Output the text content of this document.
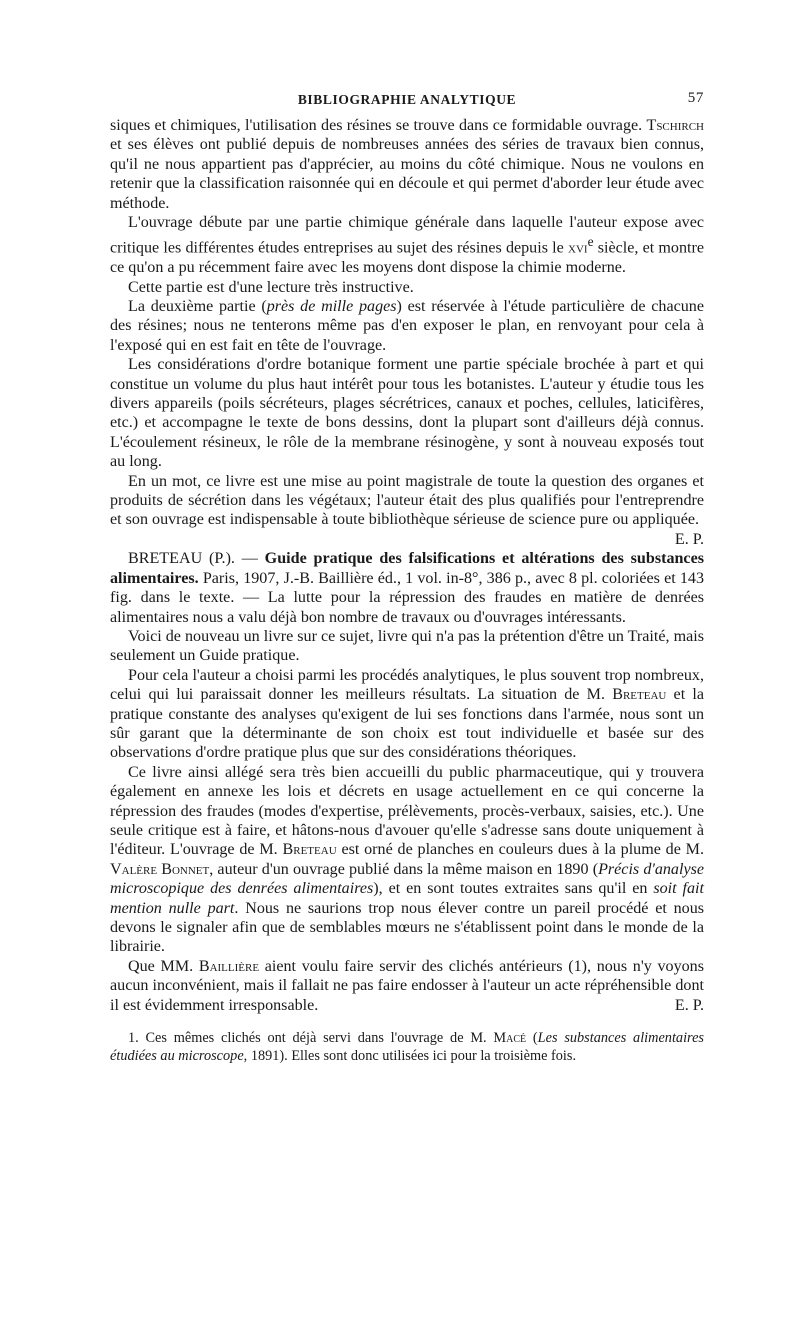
BIBLIOGRAPHIE ANALYTIQUE	57

siques et chimiques, l'utilisation des résines se trouve dans ce formidable ouvrage. Tschirch et ses élèves ont publié depuis de nombreuses années des séries de travaux bien connus, qu'il ne nous appartient pas d'apprécier, au moins du côté chimique. Nous ne voulons en retenir que la classification raisonnée qui en découle et qui permet d'aborder leur étude avec méthode.

L'ouvrage débute par une partie chimique générale dans laquelle l'auteur expose avec critique les différentes études entreprises au sujet des résines depuis le xvi$^e$ siècle, et montre ce qu'on a pu récemment faire avec les moyens dont dispose la chimie moderne.

Cette partie est d'une lecture très instructive.

La deuxième partie (près de mille pages) est réservée à l'étude particulière de chacune des résines; nous ne tenterons même pas d'en exposer le plan, en renvoyant pour cela à l'exposé qui en est fait en tête de l'ouvrage.

Les considérations d'ordre botanique forment une partie spéciale brochée à part et qui constitue un volume du plus haut intérêt pour tous les botanistes. L'auteur y étudie tous les divers appareils (poils sécréteurs, plages sécrétrices, canaux et poches, cellules, laticifères, etc.) et accompagne le texte de bons dessins, dont la plupart sont d'ailleurs déjà connus. L'écoulement résineux, le rôle de la membrane résinogène, y sont à nouveau exposés tout au long.

En un mot, ce livre est une mise au point magistrale de toute la question des organes et produits de sécrétion dans les végétaux; l'auteur était des plus qualifiés pour l'entreprendre et son ouvrage est indispensable à toute bibliothèque sérieuse de science pure ou appliquée.
E. P.

BRETEAU (P.). — Guide pratique des falsifications et altérations des substances alimentaires. Paris, 1907, J.-B. Baillière éd., 1 vol. in-8°, 386 p., avec 8 pl. coloriées et 143 fig. dans le texte. — La lutte pour la répression des fraudes en matière de denrées alimentaires nous a valu déjà bon nombre de travaux ou d'ouvrages intéressants.

Voici de nouveau un livre sur ce sujet, livre qui n'a pas la prétention d'être un Traité, mais seulement un Guide pratique.

Pour cela l'auteur a choisi parmi les procédés analytiques, le plus souvent trop nombreux, celui qui lui paraissait donner les meilleurs résultats. La situation de M. Breteau et la pratique constante des analyses qu'exigent de lui ses fonctions dans l'armée, nous sont un sûr garant que la déterminante de son choix est tout individuelle et basée sur des observations d'ordre pratique plus que sur des considérations théoriques.

Ce livre ainsi allégé sera très bien accueilli du public pharmaceutique, qui y trouvera également en annexe les lois et décrets en usage actuellement en ce qui concerne la répression des fraudes (modes d'expertise, prélèvements, procès-verbaux, saisies, etc.). Une seule critique est à faire, et hâtons-nous d'avouer qu'elle s'adresse sans doute uniquement à l'éditeur. L'ouvrage de M. Breteau est orné de planches en couleurs dues à la plume de M. Valère Bonnet, auteur d'un ouvrage publié dans la même maison en 1890 (Précis d'analyse microscopique des denrées alimentaires), et en sont toutes extraites sans qu'il en soit fait mention nulle part. Nous ne saurions trop nous élever contre un pareil procédé et nous devons le signaler afin que de semblables mœurs ne s'établissent point dans le monde de la librairie.

Que MM. Baillière aient voulu faire servir des clichés antérieurs (1), nous n'y voyons aucun inconvénient, mais il fallait ne pas faire endosser à l'auteur un acte répréhensible dont il est évidemment irresponsable.	E. P.

1. Ces mêmes clichés ont déjà servi dans l'ouvrage de M. Macé (Les substances alimentaires étudiées au microscope, 1891). Elles sont donc utilisées ici pour la troisième fois.
